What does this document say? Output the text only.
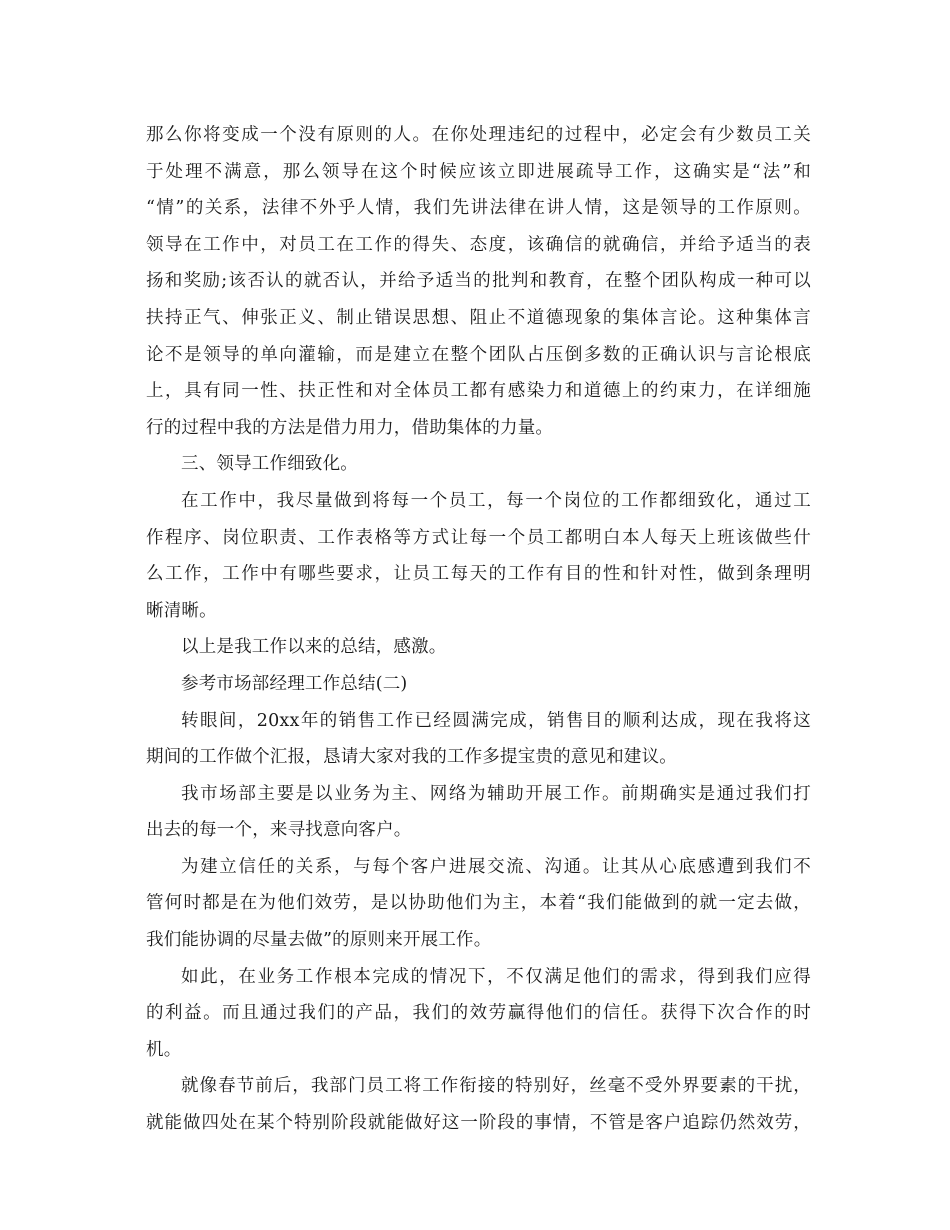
那么你将变成一个没有原则的人。在你处理违纪的过程中，必定会有少数员工关
于处理不满意，那么领导在这个时候应该立即进展疏导工作，这确实是“法”和
“情”的关系，法律不外乎人情，我们先讲法律在讲人情，这是领导的工作原则。
领导在工作中，对员工在工作的得失、态度，该确信的就确信，并给予适当的表
扬和奖励;该否认的就否认，并给予适当的批判和教育，在整个团队构成一种可以
扶持正气、伸张正义、制止错误思想、阻止不道德现象的集体言论。这种集体言
论不是领导的单向灌输，而是建立在整个团队占压倒多数的正确认识与言论根底
上，具有同一性、扶正性和对全体员工都有感染力和道德上的约束力，在详细施
行的过程中我的方法是借力用力，借助集体的力量。
三、领导工作细致化。
在工作中，我尽量做到将每一个员工，每一个岗位的工作都细致化，通过工
作程序、岗位职责、工作表格等方式让每一个员工都明白本人每天上班该做些什
么工作，工作中有哪些要求，让员工每天的工作有目的性和针对性，做到条理明
晰清晰。
以上是我工作以来的总结，感激。
参考市场部经理工作总结(二)
转眼间，20xx年的销售工作已经圆满完成，销售目的顺利达成，现在我将这
期间的工作做个汇报，恳请大家对我的工作多提宝贵的意见和建议。
我市场部主要是以业务为主、网络为辅助开展工作。前期确实是通过我们打
出去的每一个，来寻找意向客户。
为建立信任的关系，与每个客户进展交流、沟通。让其从心底感遭到我们不
管何时都是在为他们效劳，是以协助他们为主，本着“我们能做到的就一定去做，
我们能协调的尽量去做”的原则来开展工作。
如此，在业务工作根本完成的情况下，不仅满足他们的需求，得到我们应得
的利益。而且通过我们的产品，我们的效劳赢得他们的信任。获得下次合作的时
机。
就像春节前后，我部门员工将工作衔接的特别好，丝毫不受外界要素的干扰，
就能做四处在某个特别阶段就能做好这一阶段的事情，不管是客户追踪仍然效劳，
